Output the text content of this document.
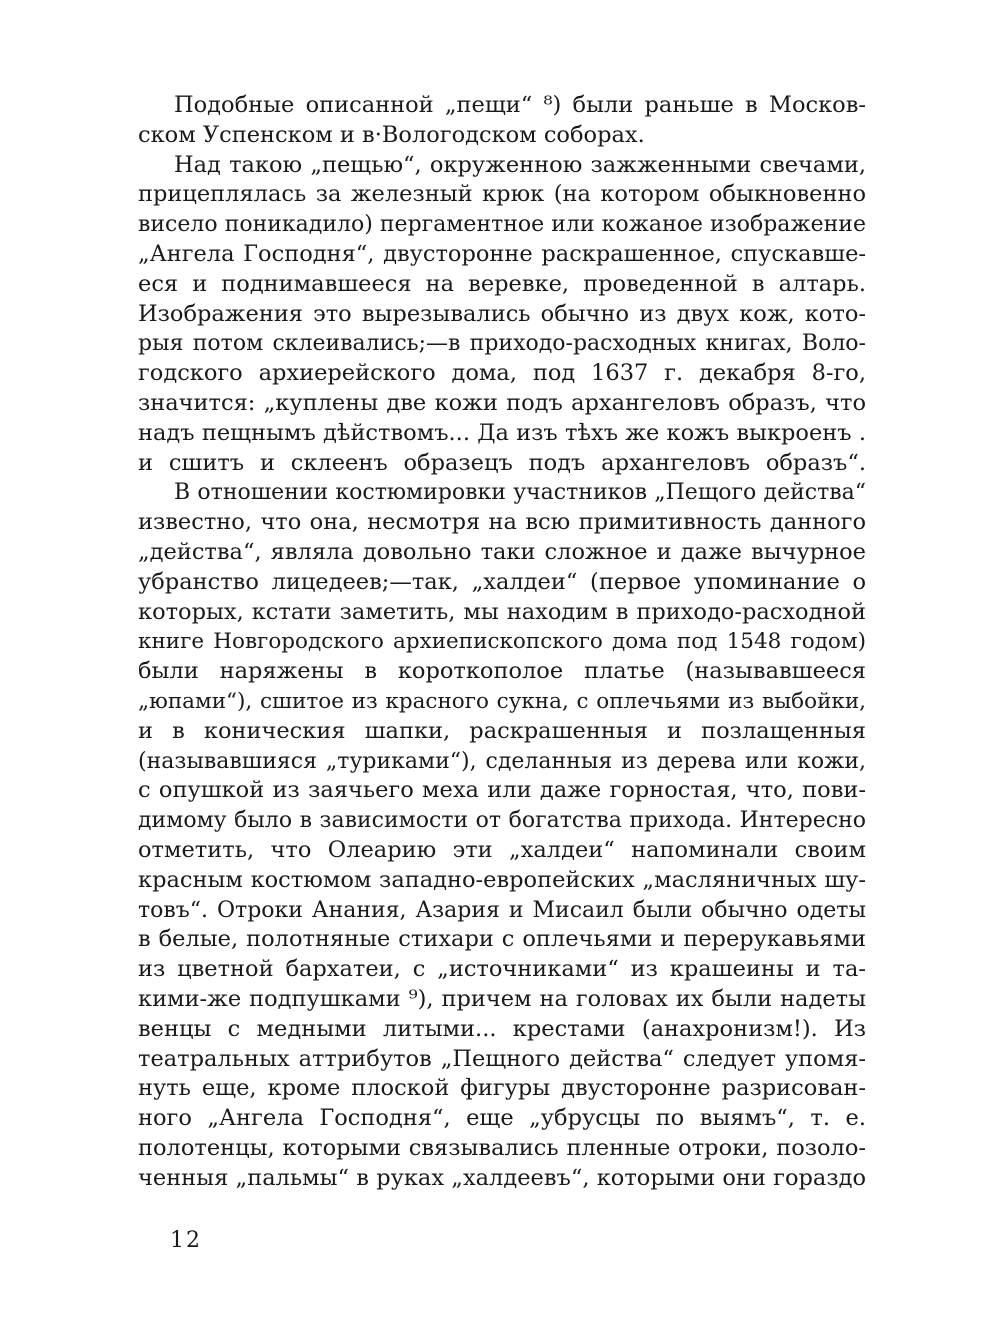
Подобные описанной „пещи“ ⁸) были раньше в Москов-
ском Успенском и в·Вологодском соборах.
Над такою „пещью“, окруженною зажженными свечами,
прицеплялась за железный крюк (на котором обыкновенно
висело поникадило) пергаментное или кожаное изображение
„Ангела Господня“, двусторонне раскрашенное, спускавше-
еся и поднимавшееся на веревке, проведенной в алтарь.
Изображения это вырезывались обычно из двух кож, кото-
рыя потом склеивались;—в приходо-расходных книгах, Воло-
годского архиерейского дома, под 1637 г. декабря 8-го,
значится: „куплены две кожи подъ архангеловъ образъ, что
надъ пещнымъ дѣйствомъ... Да изъ тѣхъ же кожъ выкроенъ .
и сшитъ и склеенъ образецъ подъ архангеловъ образъ“.
В отношении костюмировки участников „Пещого действа“
известно, что она, несмотря на всю примитивность данного
„действа“, являла довольно таки сложное и даже вычурное
убранство лицедеев;—так, „халдеи“ (первое упоминание о
которых, кстати заметить, мы находим в приходо-расходной
книге Новгородского архиепископского дома под 1548 годом)
были наряжены в короткополое платье (называвшееся
„юпами“), сшитое из красного сукна, с оплечьями из выбойки,
и в коническия шапки, раскрашенныя и позлащенныя
(называвшияся „туриками“), сделанныя из дерева или кожи,
с опушкой из заячьего меха или даже горностая, что, пови-
димому было в зависимости от богатства прихода. Интересно
отметить, что Олеарию эти „халдеи“ напоминали своим
красным костюмом западно-европейских „масляничных шу-
товъ“. Отроки Анания, Азария и Мисаил были обычно одеты
в белые, полотняные стихари с оплечьями и перерукавьями
из цветной бархатеи, с „источниками“ из крашеины и та-
кими-же подпушками ⁹), причем на головах их были надеты
венцы с медными литыми... крестами (анахронизм!). Из
театральных аттрибутов „Пещного действа“ следует упомя-
нуть еще, кроме плоской фигуры двусторонне разрисован-
ного „Ангела Господня“, еще „убрусцы по выямъ“, т. е.
полотенцы, которыми связывались пленные отроки, позоло-
ченныя „пальмы“ в руках „халдеевъ“, которыми они гораздо
12
